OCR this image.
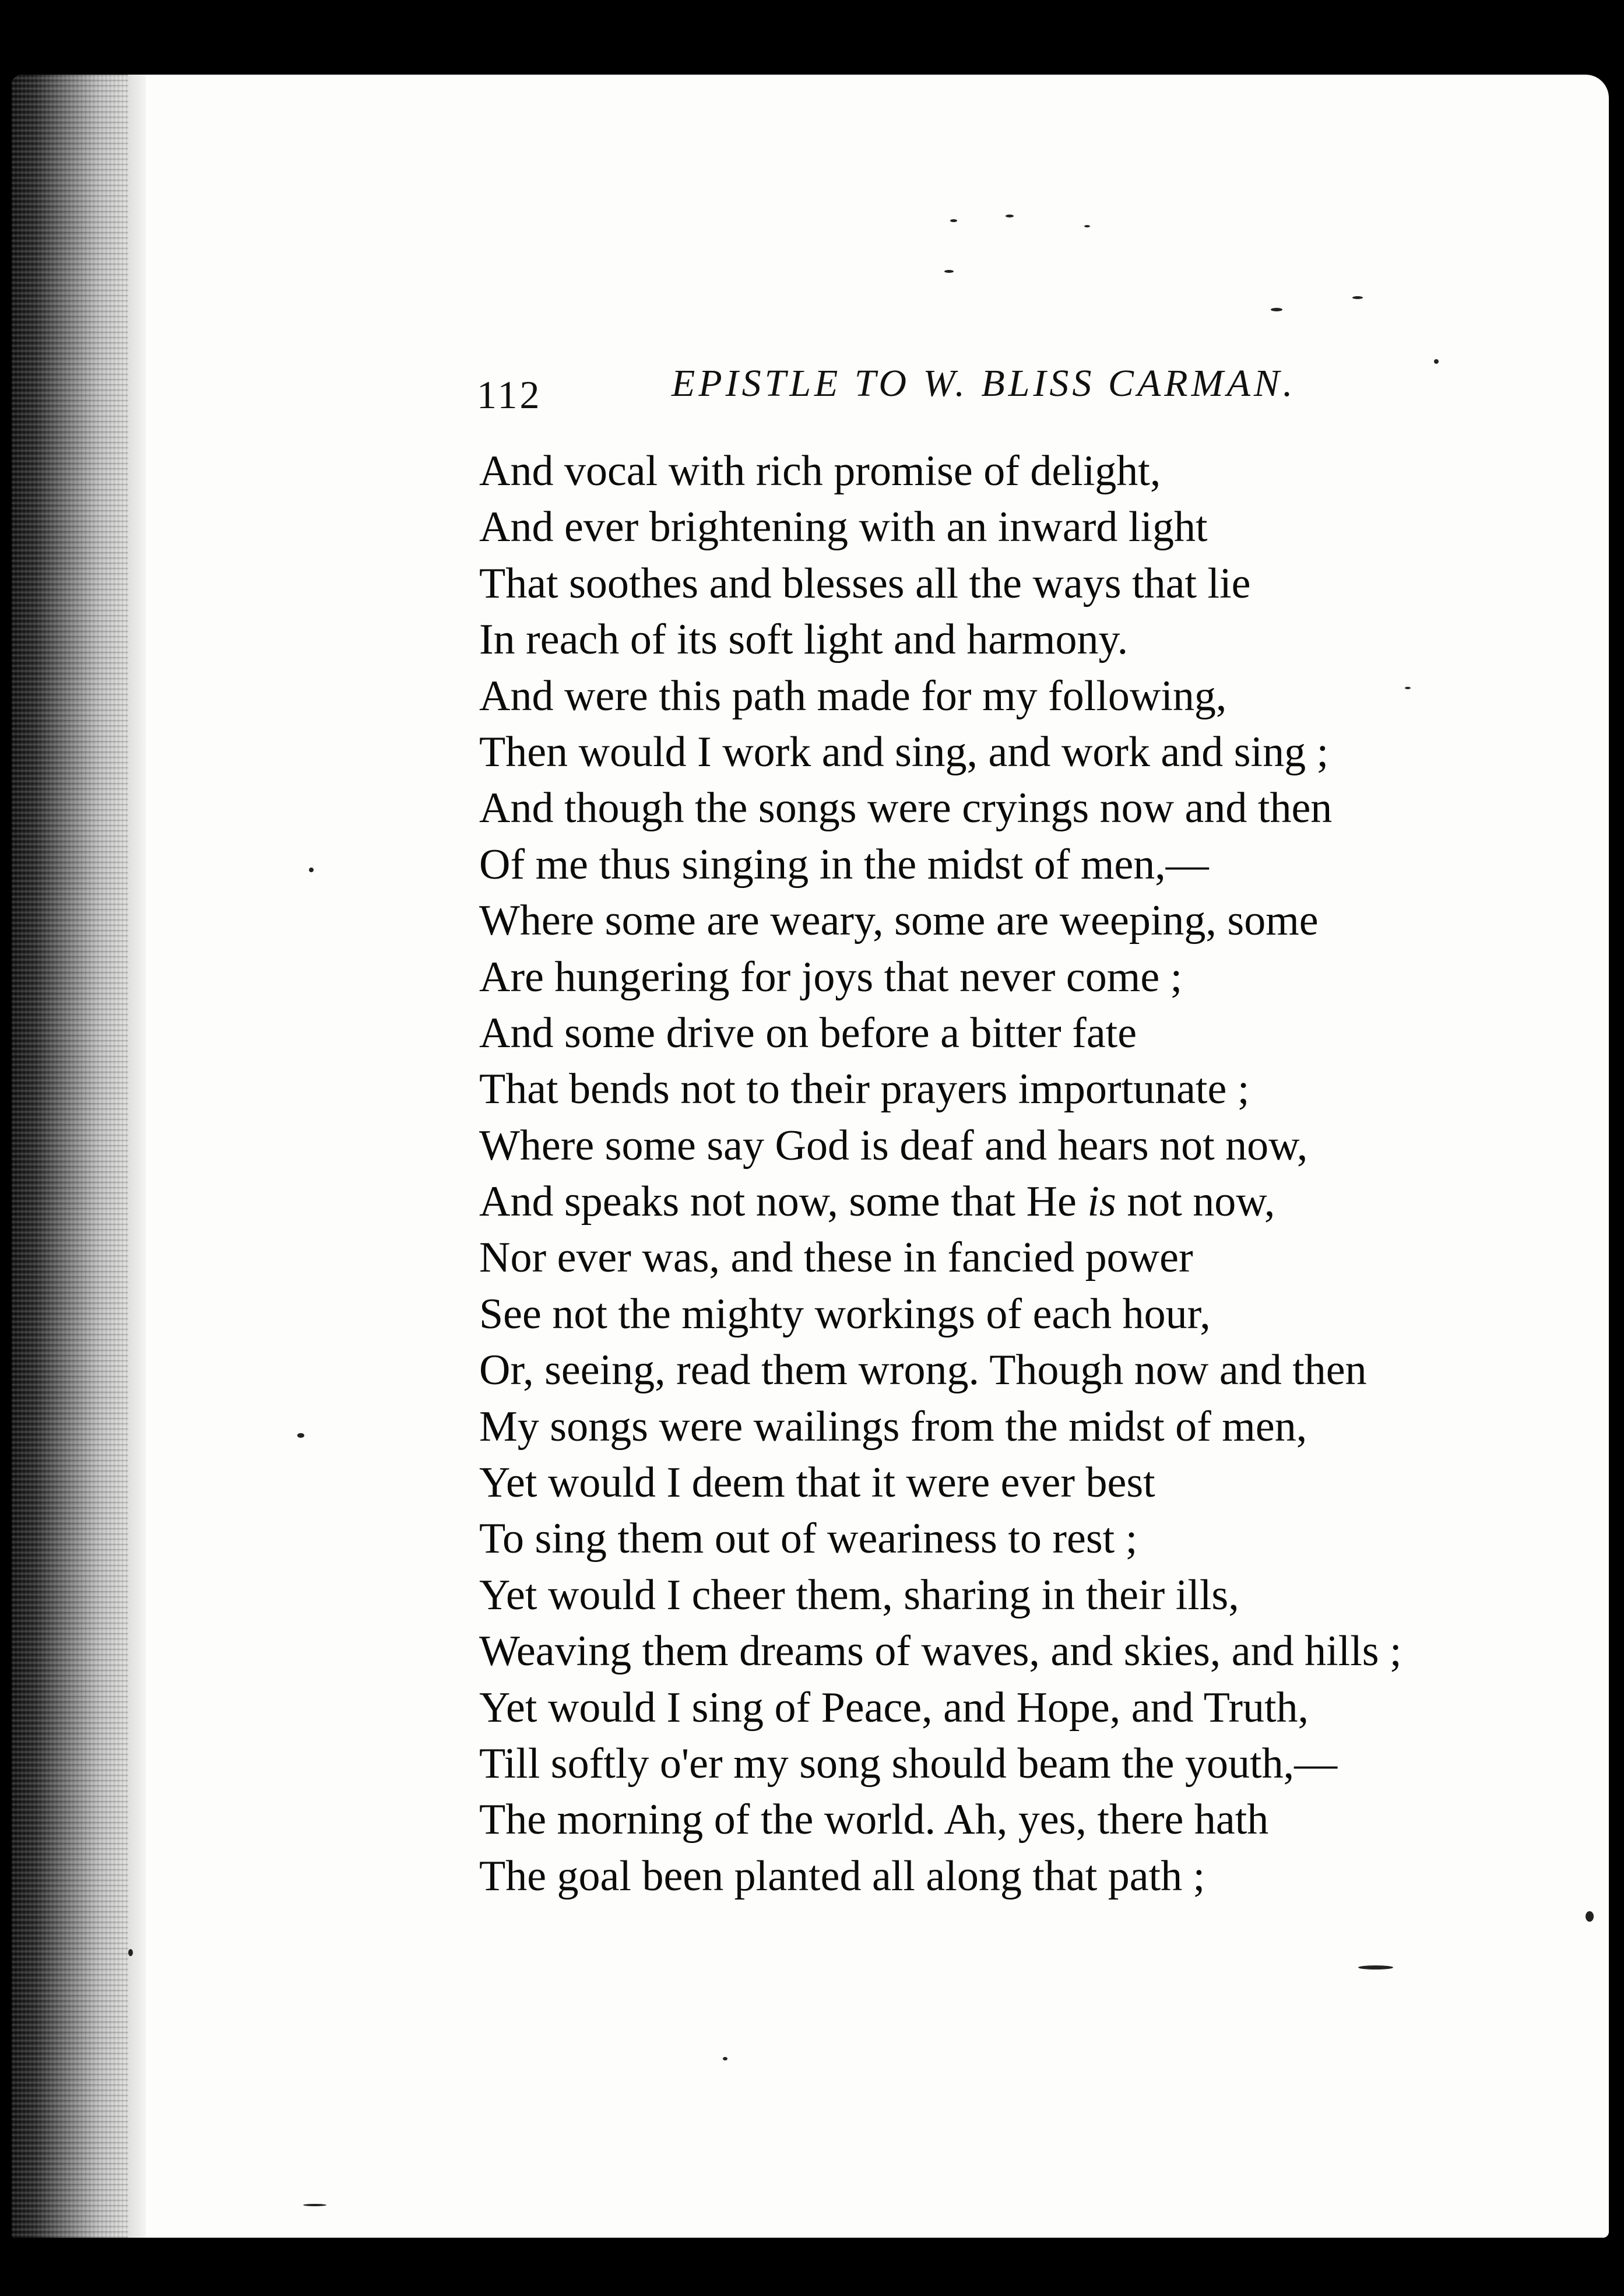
112	EPISTLE TO W. BLISS CARMAN.
And vocal with rich promise of delight,
And ever brightening with an inward light
That soothes and blesses all the ways that lie
In reach of its soft light and harmony.
And were this path made for my following,
Then would I work and sing, and work and sing ;
And though the songs were cryings now and then
Of me thus singing in the midst of men,—
Where some are weary, some are weeping, some
Are hungering for joys that never come ;
And some drive on before a bitter fate
That bends not to their prayers importunate ;
Where some say God is deaf and hears not now,
And speaks not now, some that He is not now,
Nor ever was, and these in fancied power
See not the mighty workings of each hour,
Or, seeing, read them wrong. Though now and then
My songs were wailings from the midst of men,
Yet would I deem that it were ever best
To sing them out of weariness to rest ;
Yet would I cheer them, sharing in their ills,
Weaving them dreams of waves, and skies, and hills ;
Yet would I sing of Peace, and Hope, and Truth,
Till softly o'er my song should beam the youth,—
The morning of the world. Ah, yes, there hath
The goal been planted all along that path ;
